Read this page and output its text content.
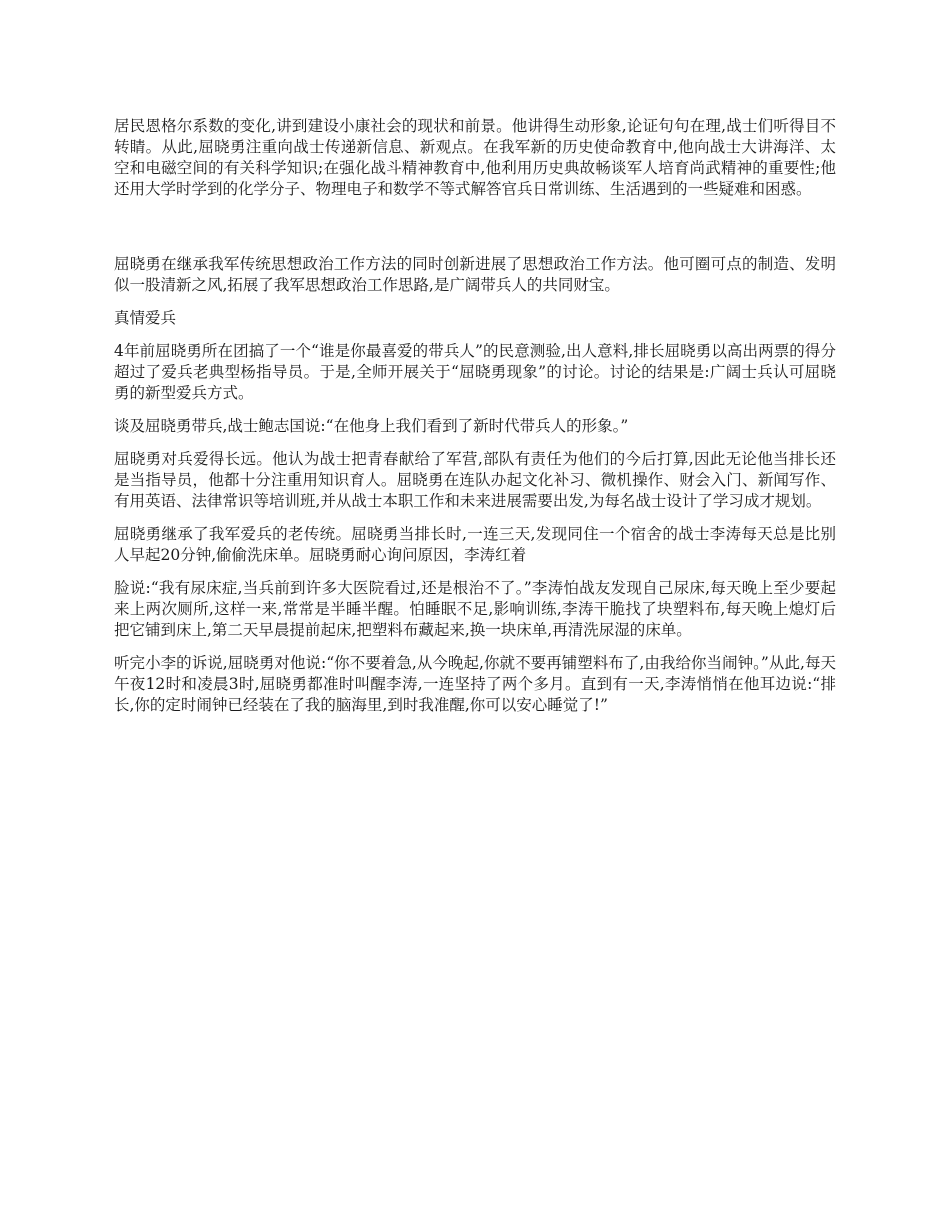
居民恩格尔系数的变化,讲到建设小康社会的现状和前景。他讲得生动形象,论证句句在理,战士们听得目不转睛。从此,屈晓勇注重向战士传递新信息、新观点。在我军新的历史使命教育中,他向战士大讲海洋、太空和电磁空间的有关科学知识;在强化战斗精神教育中,他利用历史典故畅谈军人培育尚武精神的重要性;他还用大学时学到的化学分子、物理电子和数学不等式解答官兵日常训练、生活遇到的一些疑难和困惑。

屈晓勇在继承我军传统思想政治工作方法的同时创新进展了思想政治工作方法。他可圈可点的制造、发明似一股清新之风,拓展了我军思想政治工作思路,是广阔带兵人的共同财宝。

真情爱兵

4年前屈晓勇所在团搞了一个“谁是你最喜爱的带兵人”的民意测验,出人意料,排长屈晓勇以高出两票的得分超过了爱兵老典型杨指导员。于是,全师开展关于“屈晓勇现象”的讨论。讨论的结果是:广阔士兵认可屈晓勇的新型爱兵方式。

谈及屈晓勇带兵,战士鲍志国说:“在他身上我们看到了新时代带兵人的形象。”

屈晓勇对兵爱得长远。他认为战士把青春献给了军营,部队有责任为他们的今后打算,因此无论他当排长还是当指导员，他都十分注重用知识育人。屈晓勇在连队办起文化补习、微机操作、财会入门、新闻写作、有用英语、法律常识等培训班,并从战士本职工作和未来进展需要出发,为每名战士设计了学习成才规划。

屈晓勇继承了我军爱兵的老传统。屈晓勇当排长时,一连三天,发现同住一个宿舍的战士李涛每天总是比别人早起20分钟,偷偷洗床单。屈晓勇耐心询问原因，李涛红着

脸说:“我有尿床症,当兵前到许多大医院看过,还是根治不了。”李涛怕战友发现自己尿床,每天晚上至少要起来上两次厕所,这样一来,常常是半睡半醒。怕睡眠不足,影响训练,李涛干脆找了块塑料布,每天晚上熄灯后把它铺到床上,第二天早晨提前起床,把塑料布藏起来,换一块床单,再清洗尿湿的床单。

听完小李的诉说,屈晓勇对他说:“你不要着急,从今晚起,你就不要再铺塑料布了,由我给你当闹钟。”从此,每天午夜12时和凌晨3时,屈晓勇都准时叫醒李涛,一连坚持了两个多月。直到有一天,李涛悄悄在他耳边说:“排长,你的定时闹钟已经装在了我的脑海里,到时我准醒,你可以安心睡觉了!”
